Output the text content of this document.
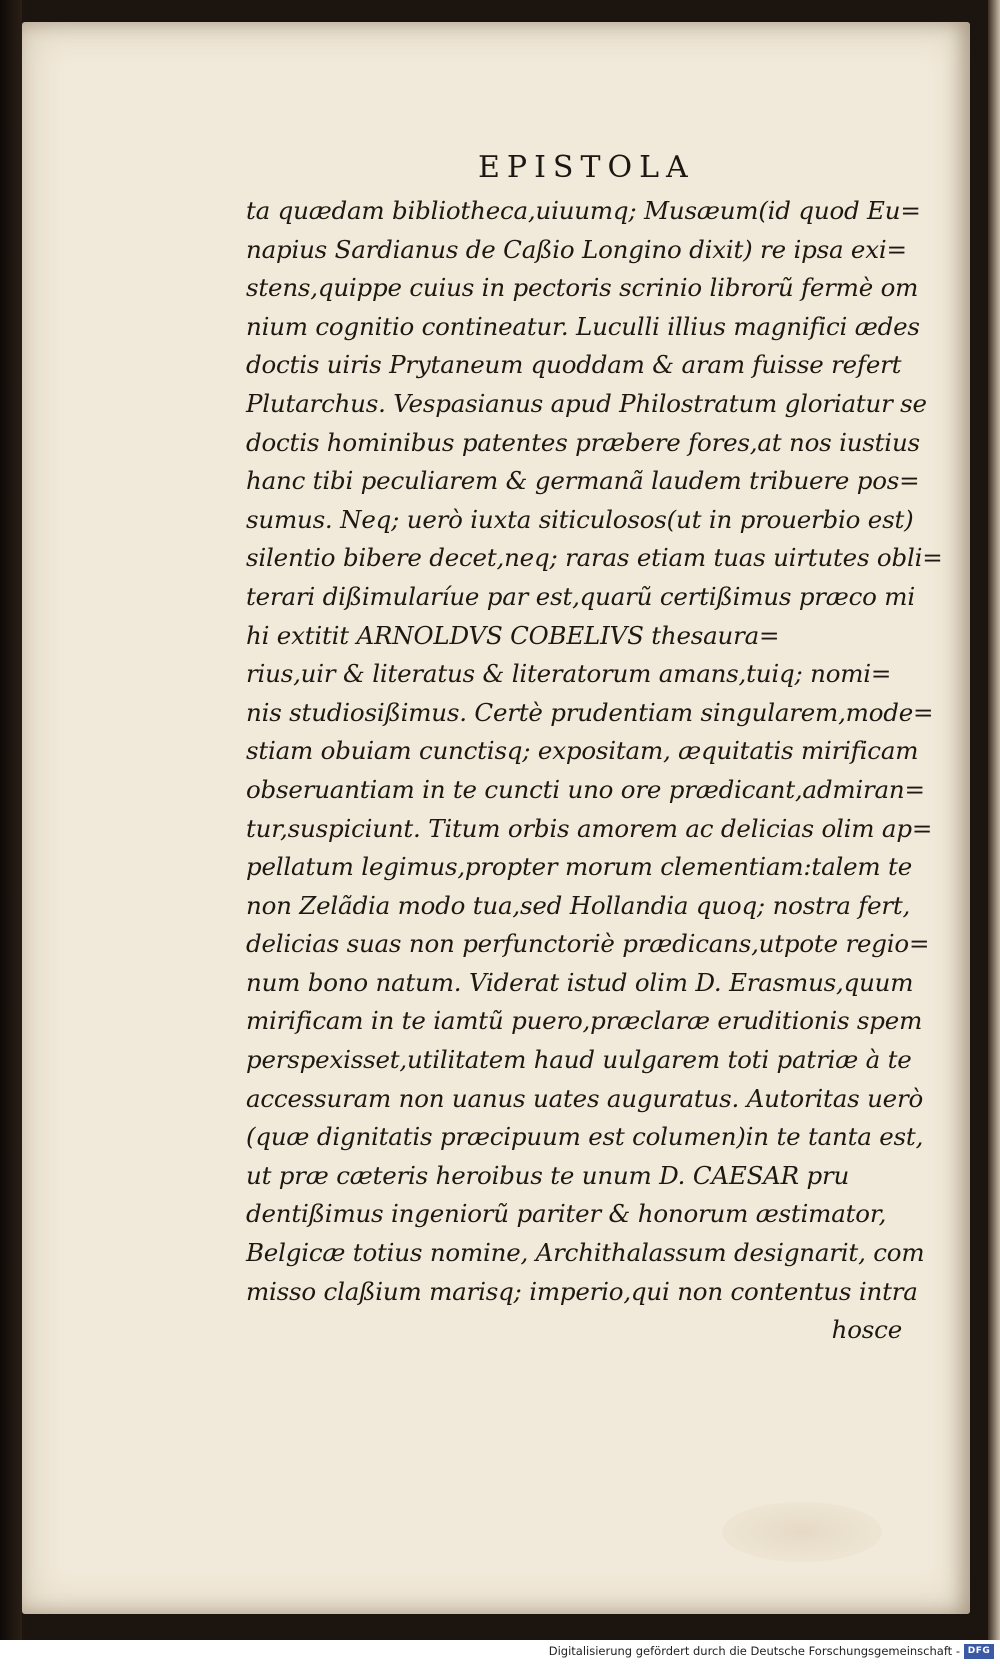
EPISTOLA
ta quædam bibliotheca,uiuumq; Musæum(id quod Eu=
napius Sardianus de Caßio Longino dixit) re ipsa exi=
stens,quippe cuius in pectoris scrinio librorũ fermè om
nium cognitio contineatur. Luculli illius magnifici ædes
doctis uiris Prytaneum quoddam & aram fuisse refert
Plutarchus. Vespasianus apud Philostratum gloriatur se
doctis hominibus patentes præbere fores,at nos iustius
hanc tibi peculiarem & germanã laudem tribuere pos=
sumus. Neq; uerò iuxta siticulosos(ut in prouerbio est)
silentio bibere decet,neq; raras etiam tuas uirtutes obli=
terari dißimularíue par est,quarũ certißimus præco mi
hi extitit ARNOLDVS COBELIVS thesaura=
rius,uir & literatus & literatorum amans,tuiq; nomi=
nis studiosißimus. Certè prudentiam singularem,mode=
stiam obuiam cunctisq; expositam, æquitatis mirificam
obseruantiam in te cuncti uno ore prædicant,admiran=
tur,suspiciunt. Titum orbis amorem ac delicias olim ap=
pellatum legimus,propter morum clementiam:talem te
non Zelãdia modo tua,sed Hollandia quoq; nostra fert,
delicias suas non perfunctoriè prædicans,utpote regio=
num bono natum. Viderat istud olim D. Erasmus,quum
mirificam in te iamtũ puero,præclaræ eruditionis spem
perspexisset,utilitatem haud uulgarem toti patriæ à te
accessuram non uanus uates auguratus. Autoritas uerò
(quæ dignitatis præcipuum est columen)in te tanta est,
ut præ cæteris heroibus te unum D. CAESAR pru
dentißimus ingeniorũ pariter & honorum æstimator,
Belgicæ totius nomine, Archithalassum designarit, com
misso claßium marisq; imperio,qui non contentus intra
hosce
Digitalisierung gefördert durch die Deutsche Forschungsgemeinschaft - DFG
